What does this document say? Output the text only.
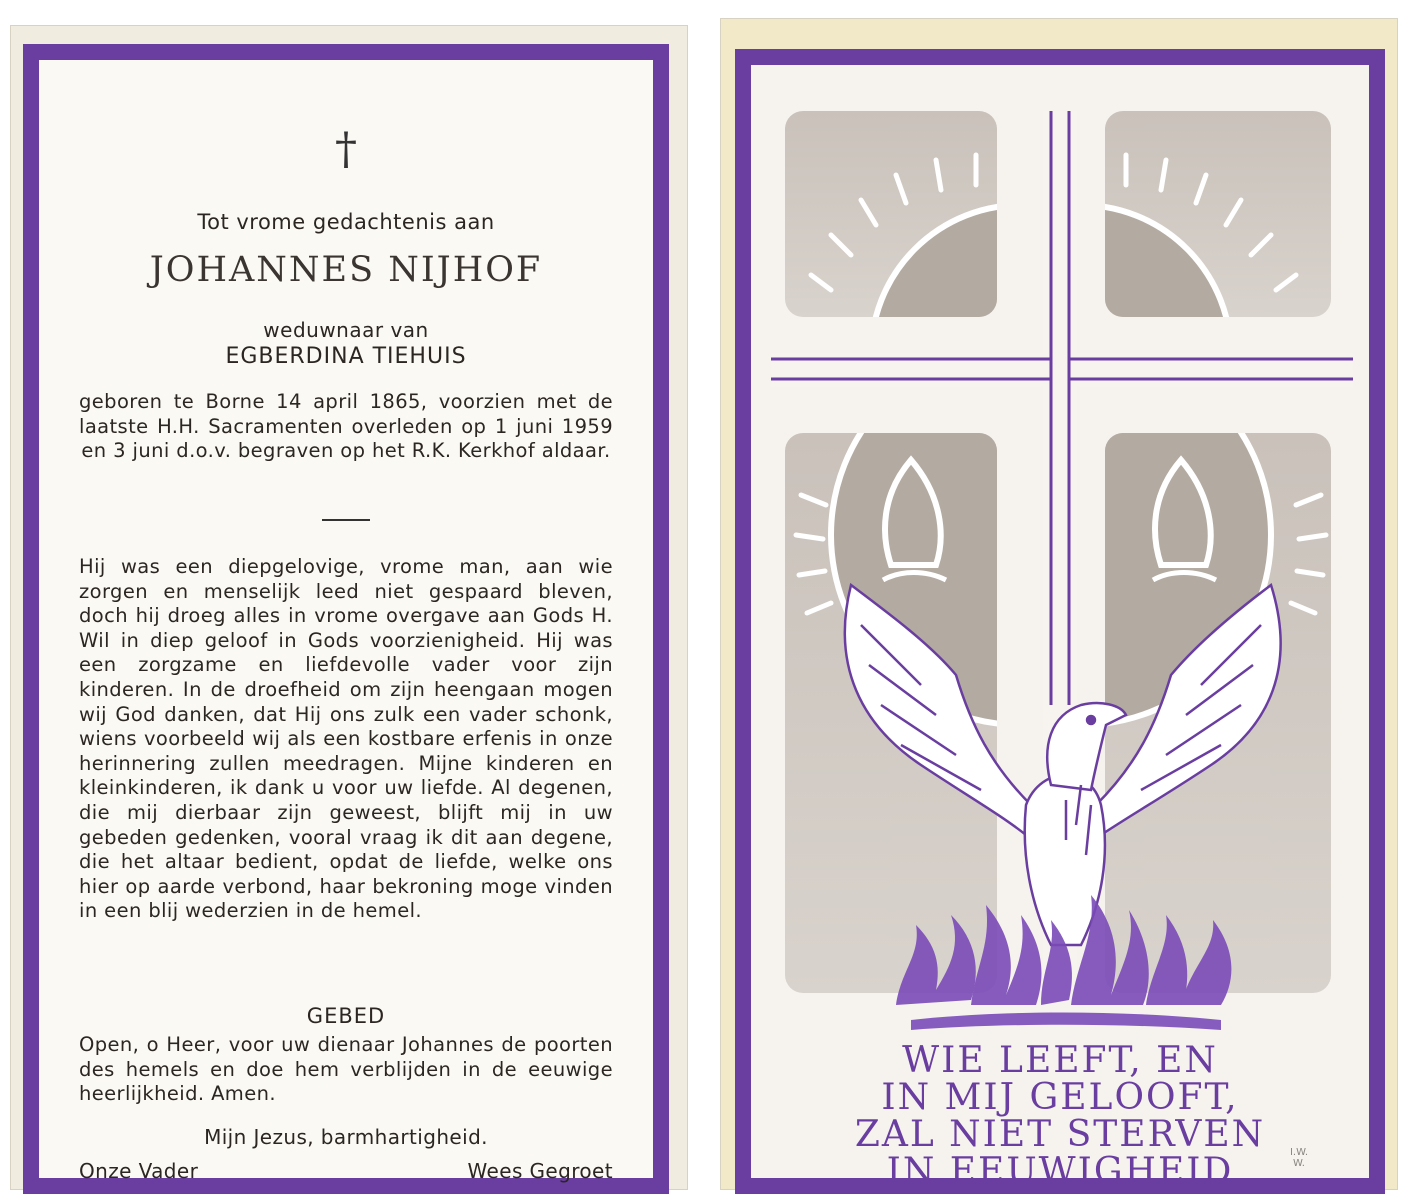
†
Tot vrome gedachtenis aan
JOHANNES NIJHOF
weduwnaar van
EGBERDINA TIEHUIS

geboren te Borne 14 april 1865, voorzien met de laatste H.H. Sacramenten overleden op 1 juni 1959 en 3 juni d.o.v. begraven op het R.K. Kerkhof aldaar.

Hij was een diepgelovige, vrome man, aan wie zorgen en menselijk leed niet gespaard bleven, doch hij droeg alles in vrome overgave aan Gods H. Wil in diep geloof in Gods voorzienigheid. Hij was een zorgzame en liefdevolle vader voor zijn kinderen. In de droefheid om zijn heengaan mogen wij God danken, dat Hij ons zulk een vader schonk, wiens voorbeeld wij als een kostbare erfenis in onze herinnering zullen meedragen. Mijne kinderen en kleinkinderen, ik dank u voor uw liefde. Al degenen, die mij dierbaar zijn geweest, blijft mij in uw gebeden gedenken, vooral vraag ik dit aan degene, die het altaar bedient, opdat de liefde, welke ons hier op aarde verbond, haar bekroning moge vinden in een blij wederzien in de hemel.

GEBED

Open, o Heer, voor uw dienaar Johannes de poorten des hemels en doe hem verblijden in de eeuwige heerlijkheid. Amen.

Mijn Jezus, barmhartigheid.
Onze Vader	Wees Gegroet
WIE LEEFT, EN
IN MIJ GELOOFT,
ZAL NIET STERVEN
IN EEUWIGHEID	I.W.
W.
